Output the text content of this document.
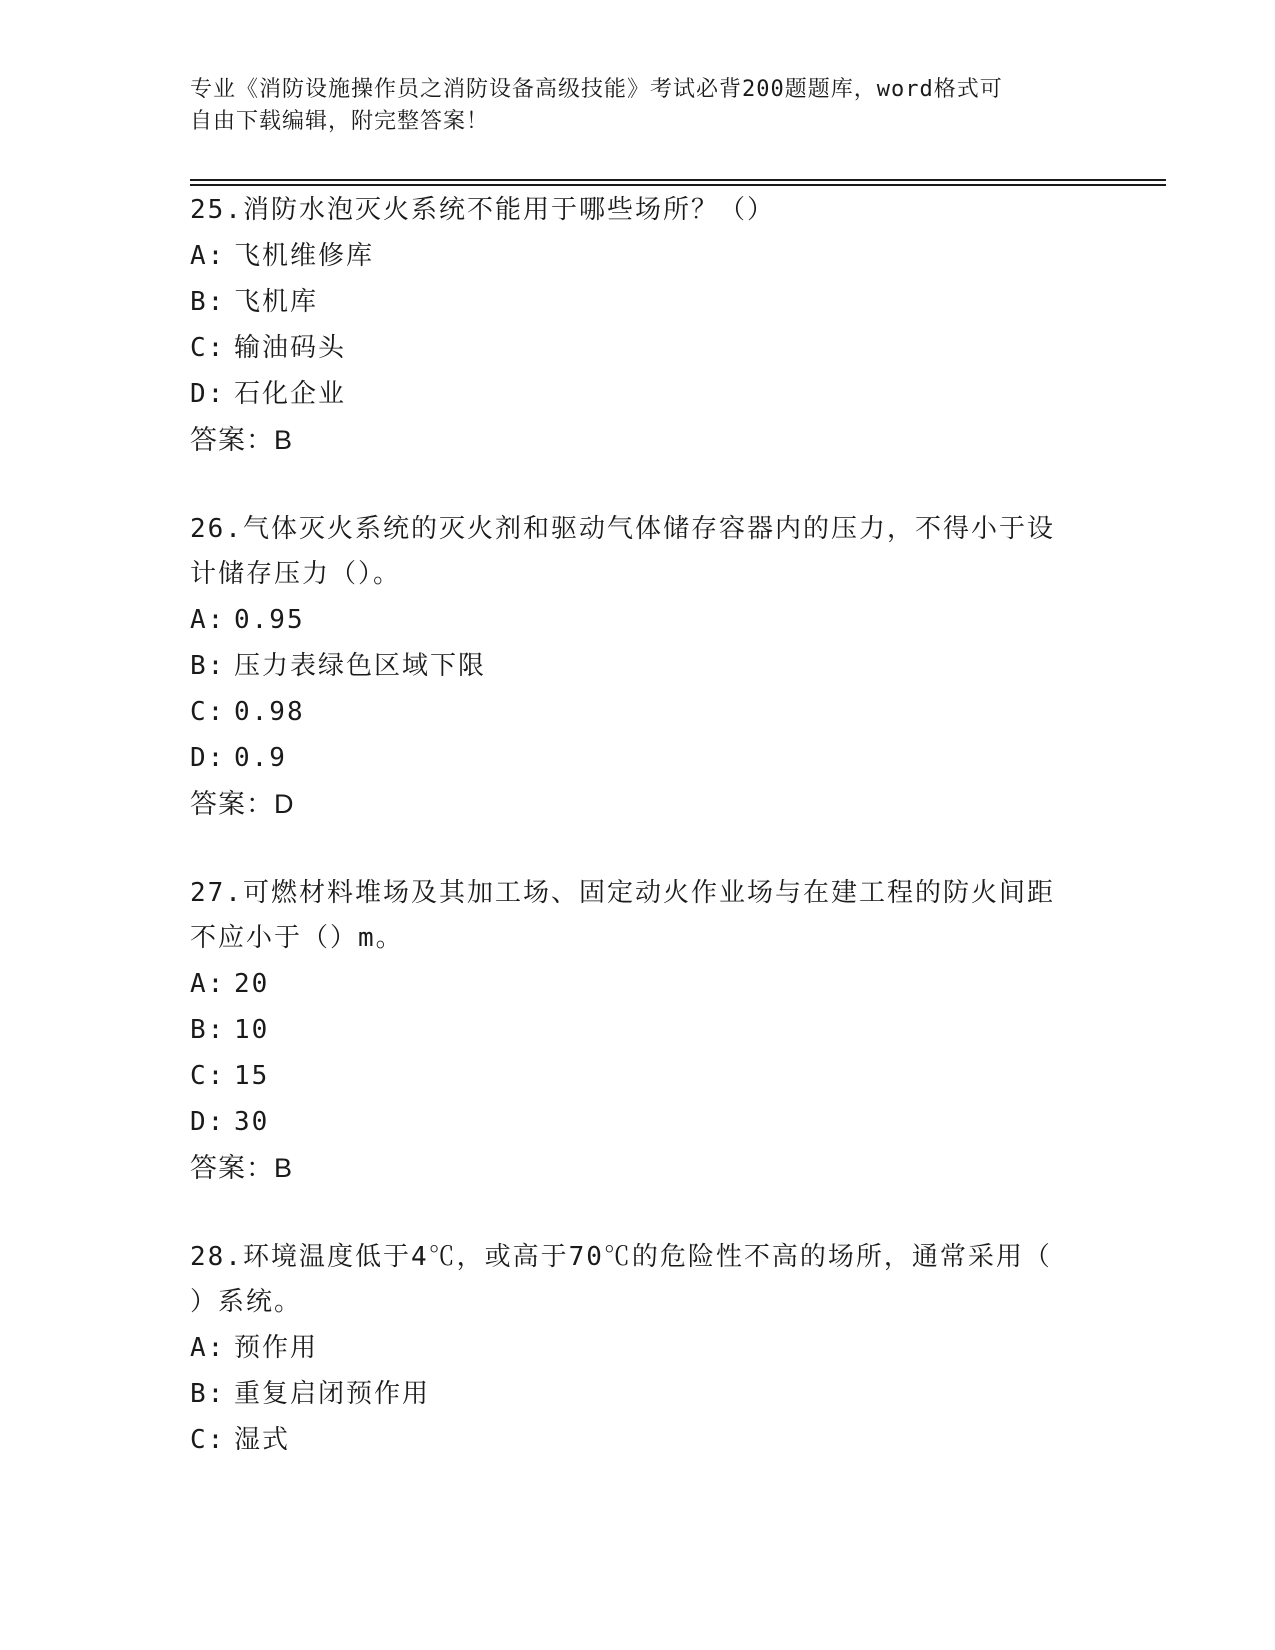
专业《消防设施操作员之消防设备高级技能》考试必背200题题库，word格式可
自由下载编辑，附完整答案！
25.消防水泡灭火系统不能用于哪些场所？（）
A: 飞机维修库
B: 飞机库
C: 输油码头
D: 石化企业
答案：B
26.气体灭火系统的灭火剂和驱动气体储存容器内的压力，不得小于设
计储存压力（）。
A: 0.95
B: 压力表绿色区域下限
C: 0.98
D: 0.9
答案：D
27.可燃材料堆场及其加工场、固定动火作业场与在建工程的防火间距
不应小于（）m。
A: 20
B: 10
C: 15
D: 30
答案：B
28.环境温度低于4℃，或高于70℃的危险性不高的场所，通常采用（
）系统。
A: 预作用
B: 重复启闭预作用
C: 湿式
